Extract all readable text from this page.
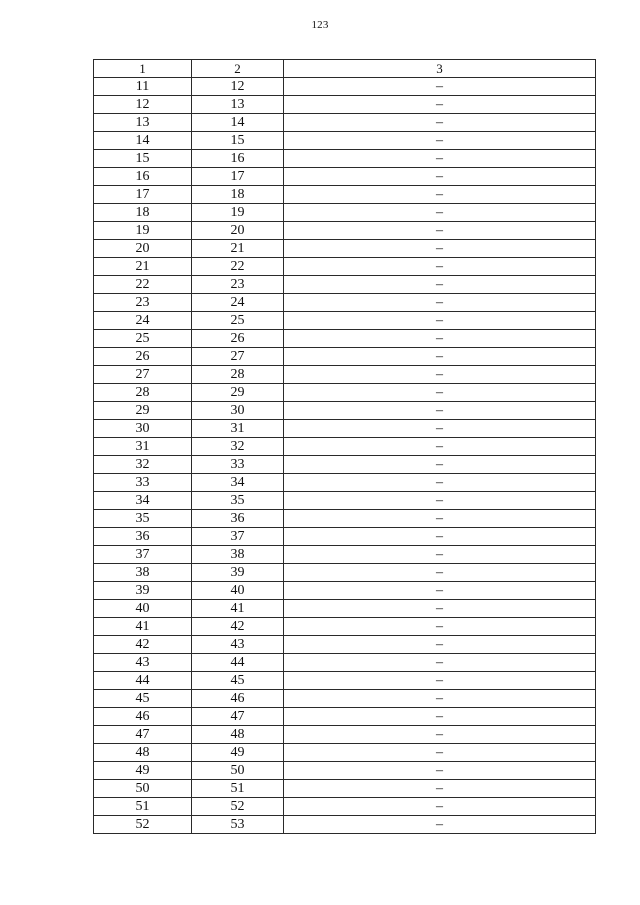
123
1	2	3
11	12	–
12	13	–
13	14	–
14	15	–
15	16	–
16	17	–
17	18	–
18	19	–
19	20	–
20	21	–
21	22	–
22	23	–
23	24	–
24	25	–
25	26	–
26	27	–
27	28	–
28	29	–
29	30	–
30	31	–
31	32	–
32	33	–
33	34	–
34	35	–
35	36	–
36	37	–
37	38	–
38	39	–
39	40	–
40	41	–
41	42	–
42	43	–
43	44	–
44	45	–
45	46	–
46	47	–
47	48	–
48	49	–
49	50	–
50	51	–
51	52	–
52	53	–
